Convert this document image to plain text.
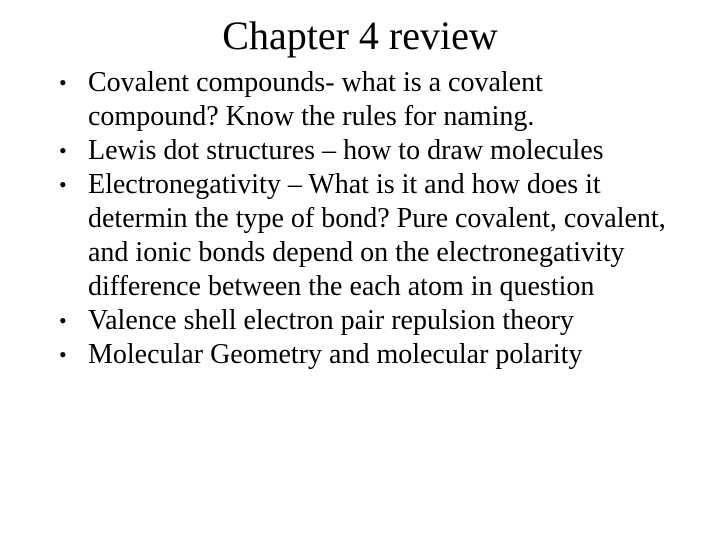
Chapter 4 review
• Covalent compounds- what is a covalent compound? Know the rules for naming.
• Lewis dot structures – how to draw molecules
• Electronegativity – What is it and how does it determin the type of bond? Pure covalent, covalent, and ionic bonds depend on the electronegativity difference between the each atom in question
• Valence shell electron pair repulsion theory
• Molecular Geometry and molecular polarity
